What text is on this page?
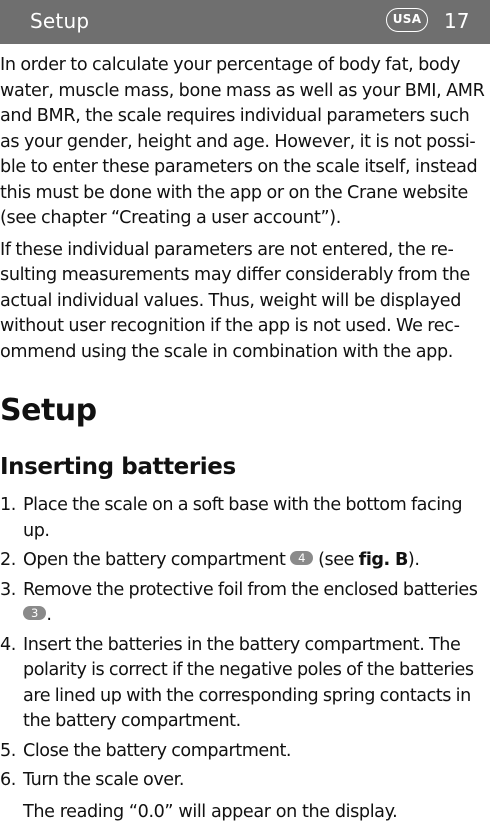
Setup	USA	17

In order to calculate your percentage of body fat, body water, muscle mass, bone mass as well as your BMI, AMR and BMR, the scale requires individual parameters such as your gender, height and age. However, it is not possi-ble to enter these parameters on the scale itself, instead this must be done with the app or on the Crane website (see chapter “Creating a user account”).

If these individual parameters are not entered, the re-sulting measurements may differ considerably from the actual individual values. Thus, weight will be displayed without user recognition if the app is not used. We rec-ommend using the scale in combination with the app.

Setup
Inserting batteries
1. Place the scale on a soft base with the bottom facing up.
2. Open the battery compartment 4 (see fig. B).
3. Remove the protective foil from the enclosed batteries 3 .
4. Insert the batteries in the battery compartment. The polarity is correct if the negative poles of the batteries are lined up with the corresponding spring contacts in the battery compartment.
5. Close the battery compartment.
6. Turn the scale over.
The reading “0.0” will appear on the display.
